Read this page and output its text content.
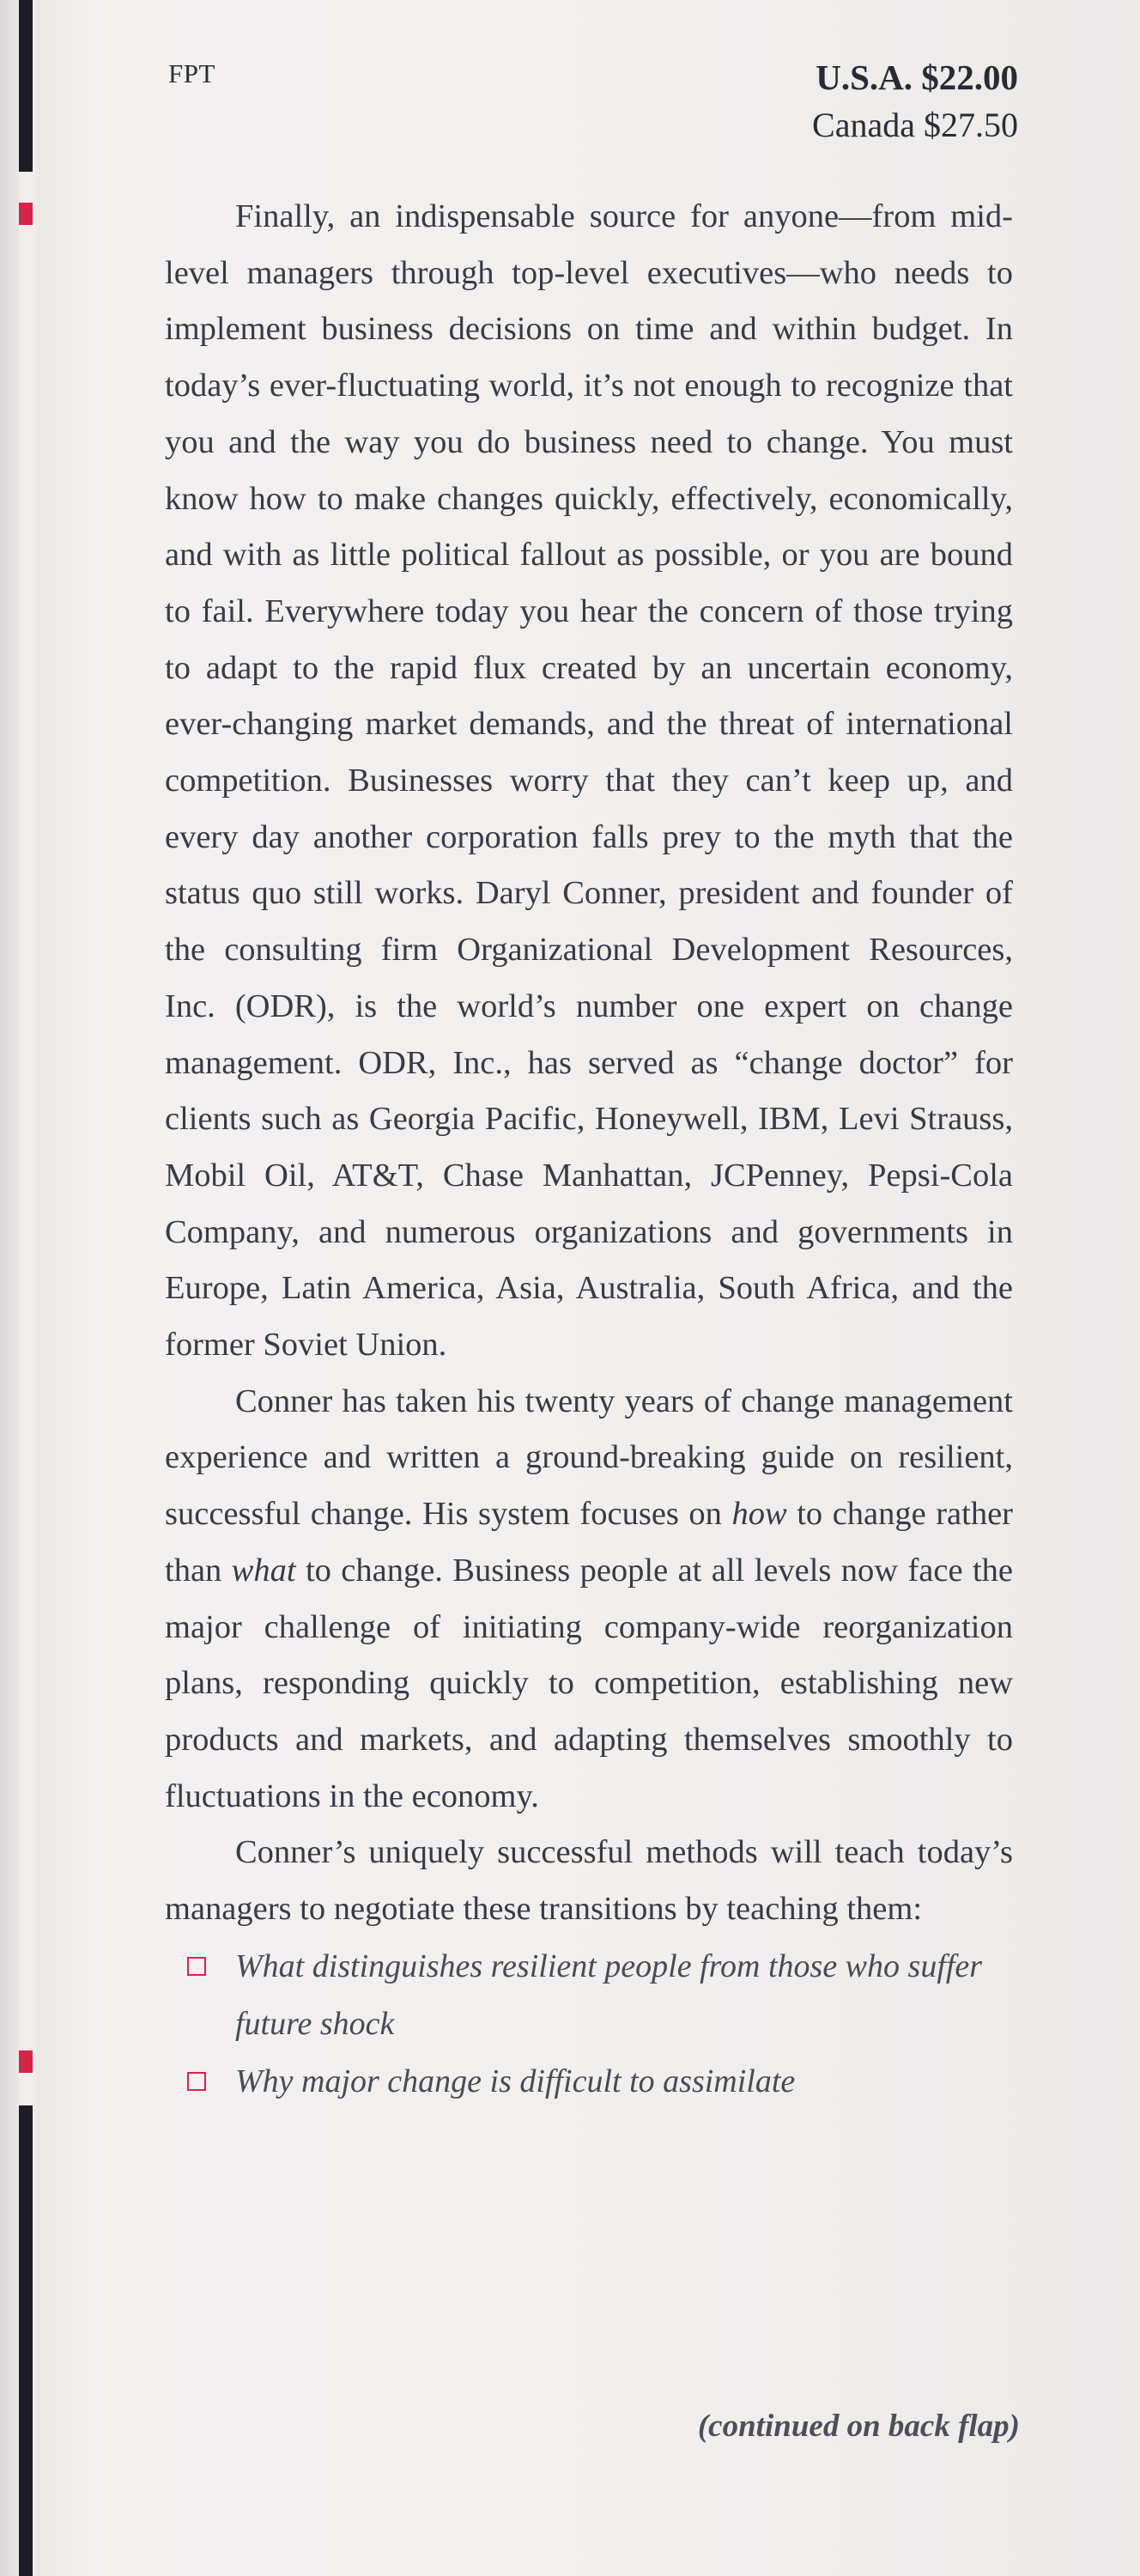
FPT	U.S.A. $22.00
Canada $27.50

Finally, an indispensable source for anyone—from mid-level managers through top-level executives—who needs to implement business decisions on time and within budget. In today’s ever-fluctuating world, it’s not enough to recognize that you and the way you do business need to change. You must know how to make changes quickly, effectively, economically, and with as little political fallout as possible, or you are bound to fail. Everywhere today you hear the concern of those trying to adapt to the rapid flux created by an uncertain economy, ever-changing market demands, and the threat of international competition. Businesses worry that they can’t keep up, and every day another corporation falls prey to the myth that the status quo still works. Daryl Conner, president and founder of the consulting firm Organizational Development Resources, Inc. (ODR), is the world’s number one expert on change management. ODR, Inc., has served as “change doctor” for clients such as Georgia Pacific, Honeywell, IBM, Levi Strauss, Mobil Oil, AT&T, Chase Manhattan, JCPenney, Pepsi-Cola Company, and numerous organizations and governments in Europe, Latin America, Asia, Australia, South Africa, and the former Soviet Union.

Conner has taken his twenty years of change management experience and written a ground-breaking guide on resilient, successful change. His system focuses on how to change rather than what to change. Business people at all levels now face the major challenge of initiating company-wide reorganization plans, responding quickly to competition, establishing new products and markets, and adapting themselves smoothly to fluctuations in the economy.

Conner’s uniquely successful methods will teach today’s managers to negotiate these transitions by teaching them:

What distinguishes resilient people from those who suffer future shock
Why major change is difficult to assimilate
(continued on back flap)
